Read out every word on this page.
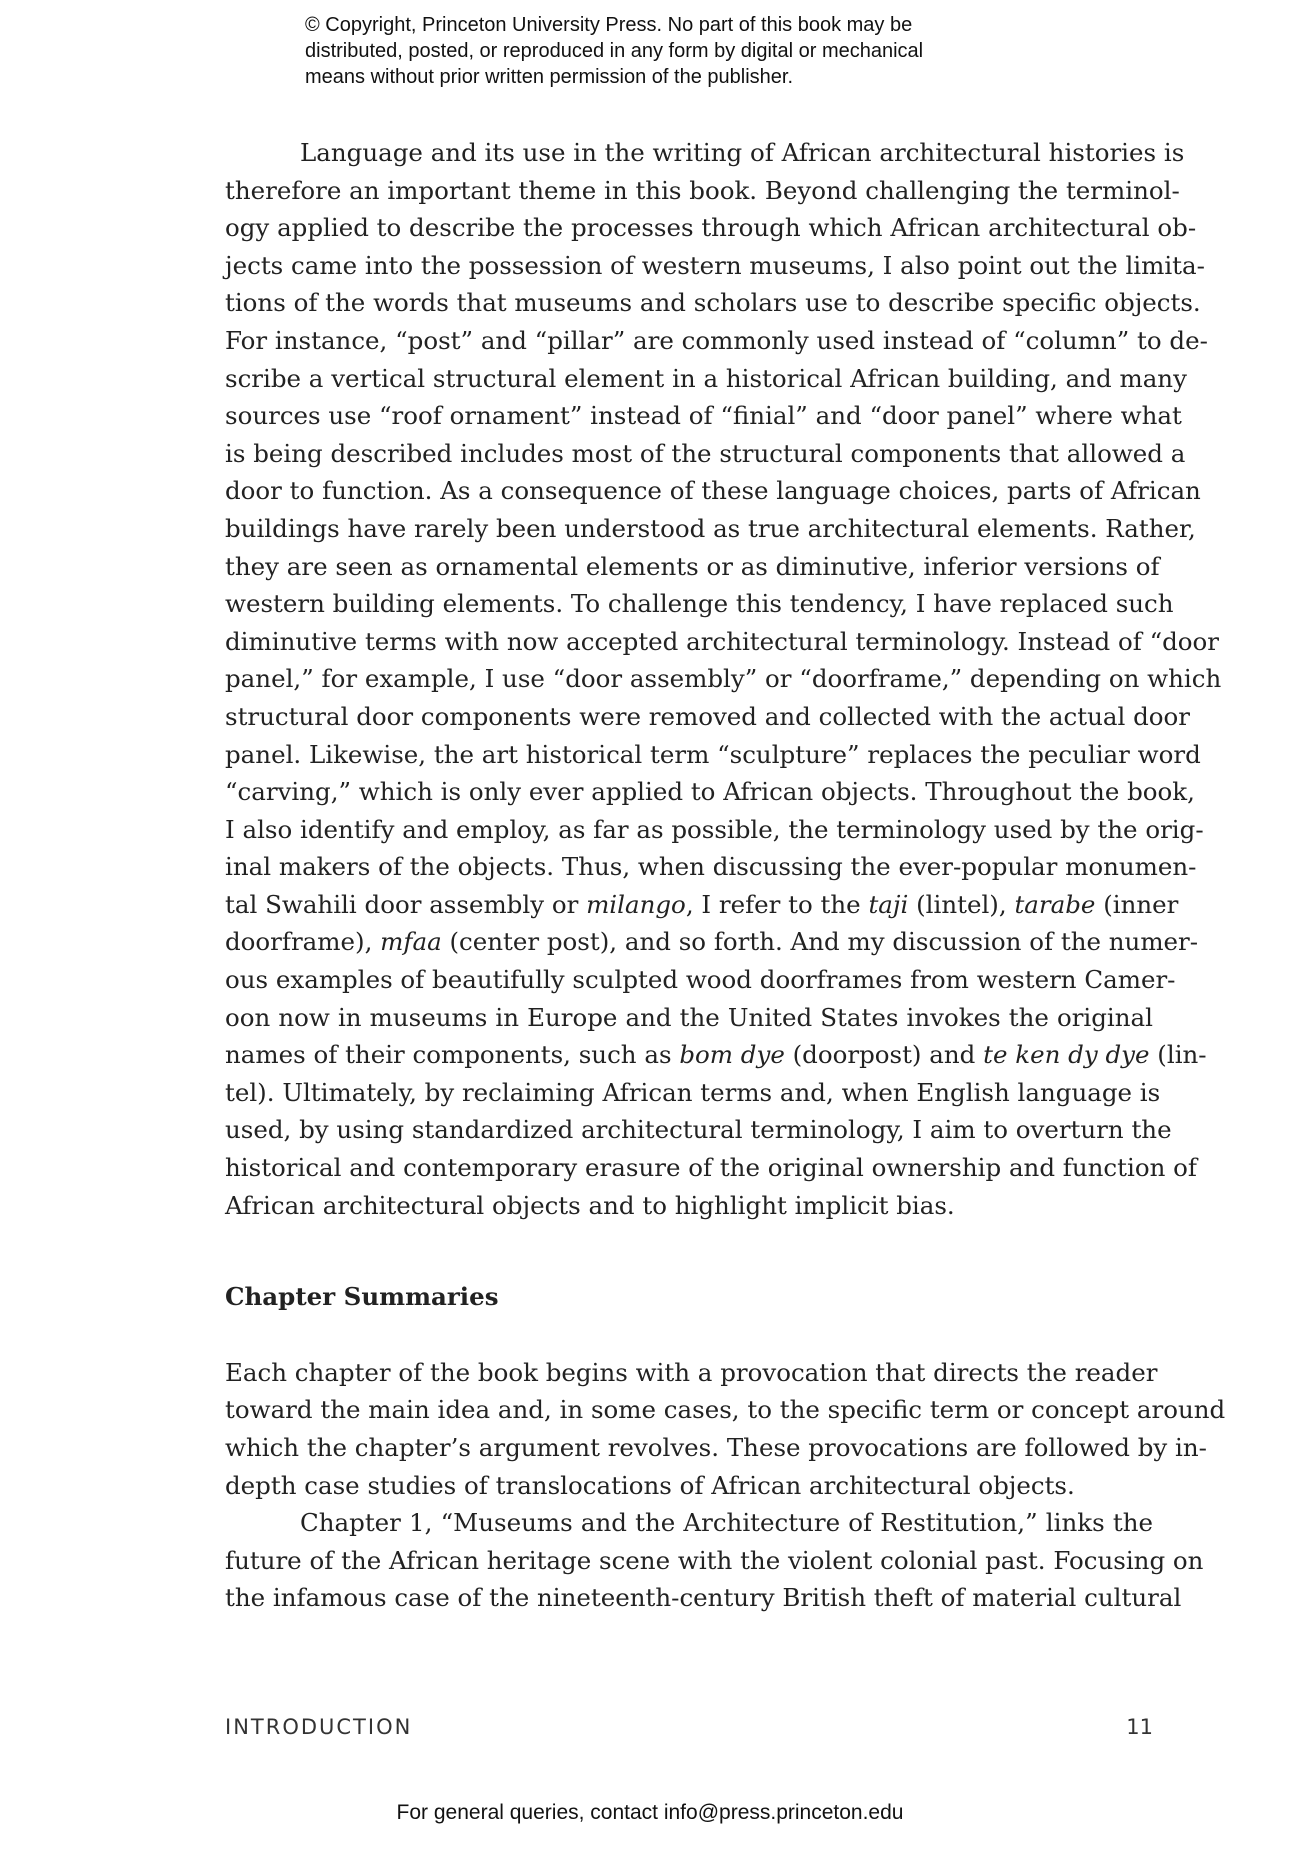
© Copyright, Princeton University Press. No part of this book may be
distributed, posted, or reproduced in any form by digital or mechanical
means without prior written permission of the publisher.
Language and its use in the writing of African architectural histories is
therefore an important theme in this book. Beyond challenging the terminol-
ogy applied to describe the processes through which African architectural ob-
jects came into the possession of western museums, I also point out the limita-
tions of the words that museums and scholars use to describe specific objects.
For instance, “post” and “pillar” are commonly used instead of “column” to de-
scribe a vertical structural element in a historical African building, and many
sources use “roof ornament” instead of “finial” and “door panel” where what
is being described includes most of the structural components that allowed a
door to function. As a consequence of these language choices, parts of African
buildings have rarely been understood as true architectural elements. Rather,
they are seen as ornamental elements or as diminutive, inferior versions of
western building elements. To challenge this tendency, I have replaced such
diminutive terms with now accepted architectural terminology. Instead of “door
panel,” for example, I use “door assembly” or “doorframe,” depending on which
structural door components were removed and collected with the actual door
panel. Likewise, the art historical term “sculpture” replaces the peculiar word
“carving,” which is only ever applied to African objects. Throughout the book,
I also identify and employ, as far as possible, the terminology used by the orig-
inal makers of the objects. Thus, when discussing the ever-popular monumen-
tal Swahili door assembly or milango, I refer to the taji (lintel), tarabe (inner
doorframe), mfaa (center post), and so forth. And my discussion of the numer-
ous examples of beautifully sculpted wood doorframes from western Camer-
oon now in museums in Europe and the United States invokes the original
names of their components, such as bom dye (doorpost) and te ken dy dye (lin-
tel). Ultimately, by reclaiming African terms and, when English language is
used, by using standardized architectural terminology, I aim to overturn the
historical and contemporary erasure of the original ownership and function of
African architectural objects and to highlight implicit bias.
Chapter Summaries
Each chapter of the book begins with a provocation that directs the reader
toward the main idea and, in some cases, to the specific term or concept around
which the chapter’s argument revolves. These provocations are followed by in-
depth case studies of translocations of African architectural objects.
Chapter 1, “Museums and the Architecture of Restitution,” links the
future of the African heritage scene with the violent colonial past. Focusing on
the infamous case of the nineteenth-century British theft of material cultural
INTRODUCTION	11
For general queries, contact info@press.princeton.edu
